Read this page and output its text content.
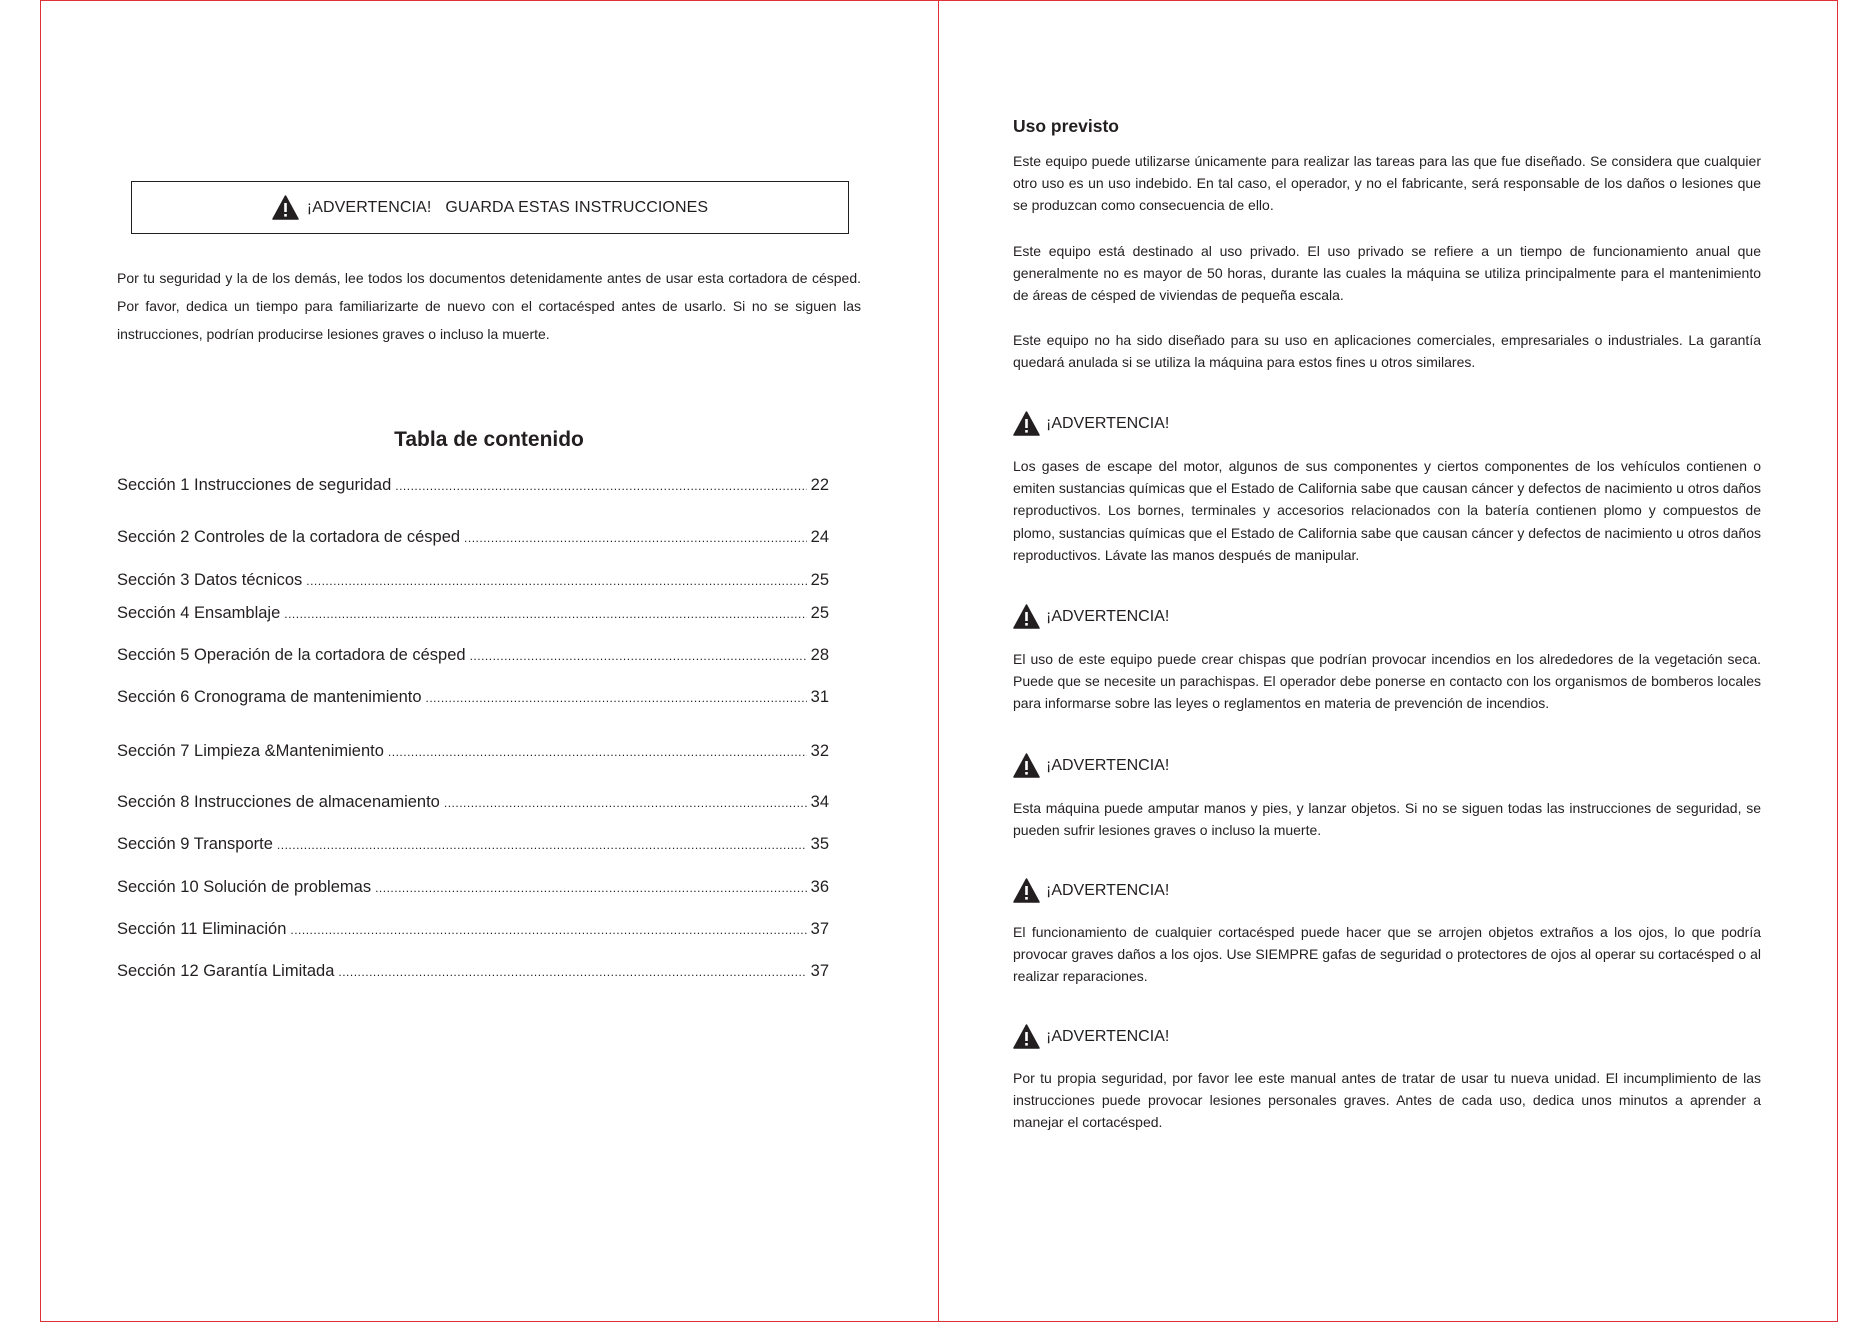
¡ADVERTENCIA! GUARDA ESTAS INSTRUCCIONES

Por tu seguridad y la de los demás, lee todos los documentos detenidamente antes de usar esta cortadora de césped. Por favor, dedica un tiempo para familiarizarte de nuevo con el cortacésped antes de usarlo. Si no se siguen las instrucciones, podrían producirse lesiones graves o incluso la muerte.

Tabla de contenido
Sección 1 Instrucciones de seguridad .....	22
Sección 2 Controles de la cortadora de césped .....	24
Sección 3 Datos técnicos .....	25
Sección 4 Ensamblaje .....	25
Sección 5 Operación de la cortadora de césped .....	28
Sección 6 Cronograma de mantenimiento .....	31
Sección 7 Limpieza &Mantenimiento .....	32
Sección 8 Instrucciones de almacenamiento .....	34
Sección 9 Transporte .....	35
Sección 10 Solución de problemas .....	36
Sección 11 Eliminación .....	37
Sección 12 Garantía Limitada .....	37
Uso previsto

Este equipo puede utilizarse únicamente para realizar las tareas para las que fue diseñado. Se considera que cualquier otro uso es un uso indebido. En tal caso, el operador, y no el fabricante, será responsable de los daños o lesiones que se produzcan como consecuencia de ello.

Este equipo está destinado al uso privado. El uso privado se refiere a un tiempo de funcionamiento anual que generalmente no es mayor de 50 horas, durante las cuales la máquina se utiliza principalmente para el mantenimiento de áreas de césped de viviendas de pequeña escala.

Este equipo no ha sido diseñado para su uso en aplicaciones comerciales, empresariales o industriales. La garantía quedará anulada si se utiliza la máquina para estos fines u otros similares.

¡ADVERTENCIA!

Los gases de escape del motor, algunos de sus componentes y ciertos componentes de los vehículos contienen o emiten sustancias químicas que el Estado de California sabe que causan cáncer y defectos de nacimiento u otros daños reproductivos. Los bornes, terminales y accesorios relacionados con la batería contienen plomo y compuestos de plomo, sustancias químicas que el Estado de California sabe que causan cáncer y defectos de nacimiento u otros daños reproductivos. Lávate las manos después de manipular.

¡ADVERTENCIA!

El uso de este equipo puede crear chispas que podrían provocar incendios en los alrededores de la vegetación seca. Puede que se necesite un parachispas. El operador debe ponerse en contacto con los organismos de bomberos locales para informarse sobre las leyes o reglamentos en materia de prevención de incendios.

¡ADVERTENCIA!

Esta máquina puede amputar manos y pies, y lanzar objetos. Si no se siguen todas las instrucciones de seguridad, se pueden sufrir lesiones graves o incluso la muerte.

¡ADVERTENCIA!

El funcionamiento de cualquier cortacésped puede hacer que se arrojen objetos extraños a los ojos, lo que podría provocar graves daños a los ojos. Use SIEMPRE gafas de seguridad o protectores de ojos al operar su cortacésped o al realizar reparaciones.

¡ADVERTENCIA!

Por tu propia seguridad, por favor lee este manual antes de tratar de usar tu nueva unidad. El incumplimiento de las instrucciones puede provocar lesiones personales graves. Antes de cada uso, dedica unos minutos a aprender a manejar el cortacésped.
